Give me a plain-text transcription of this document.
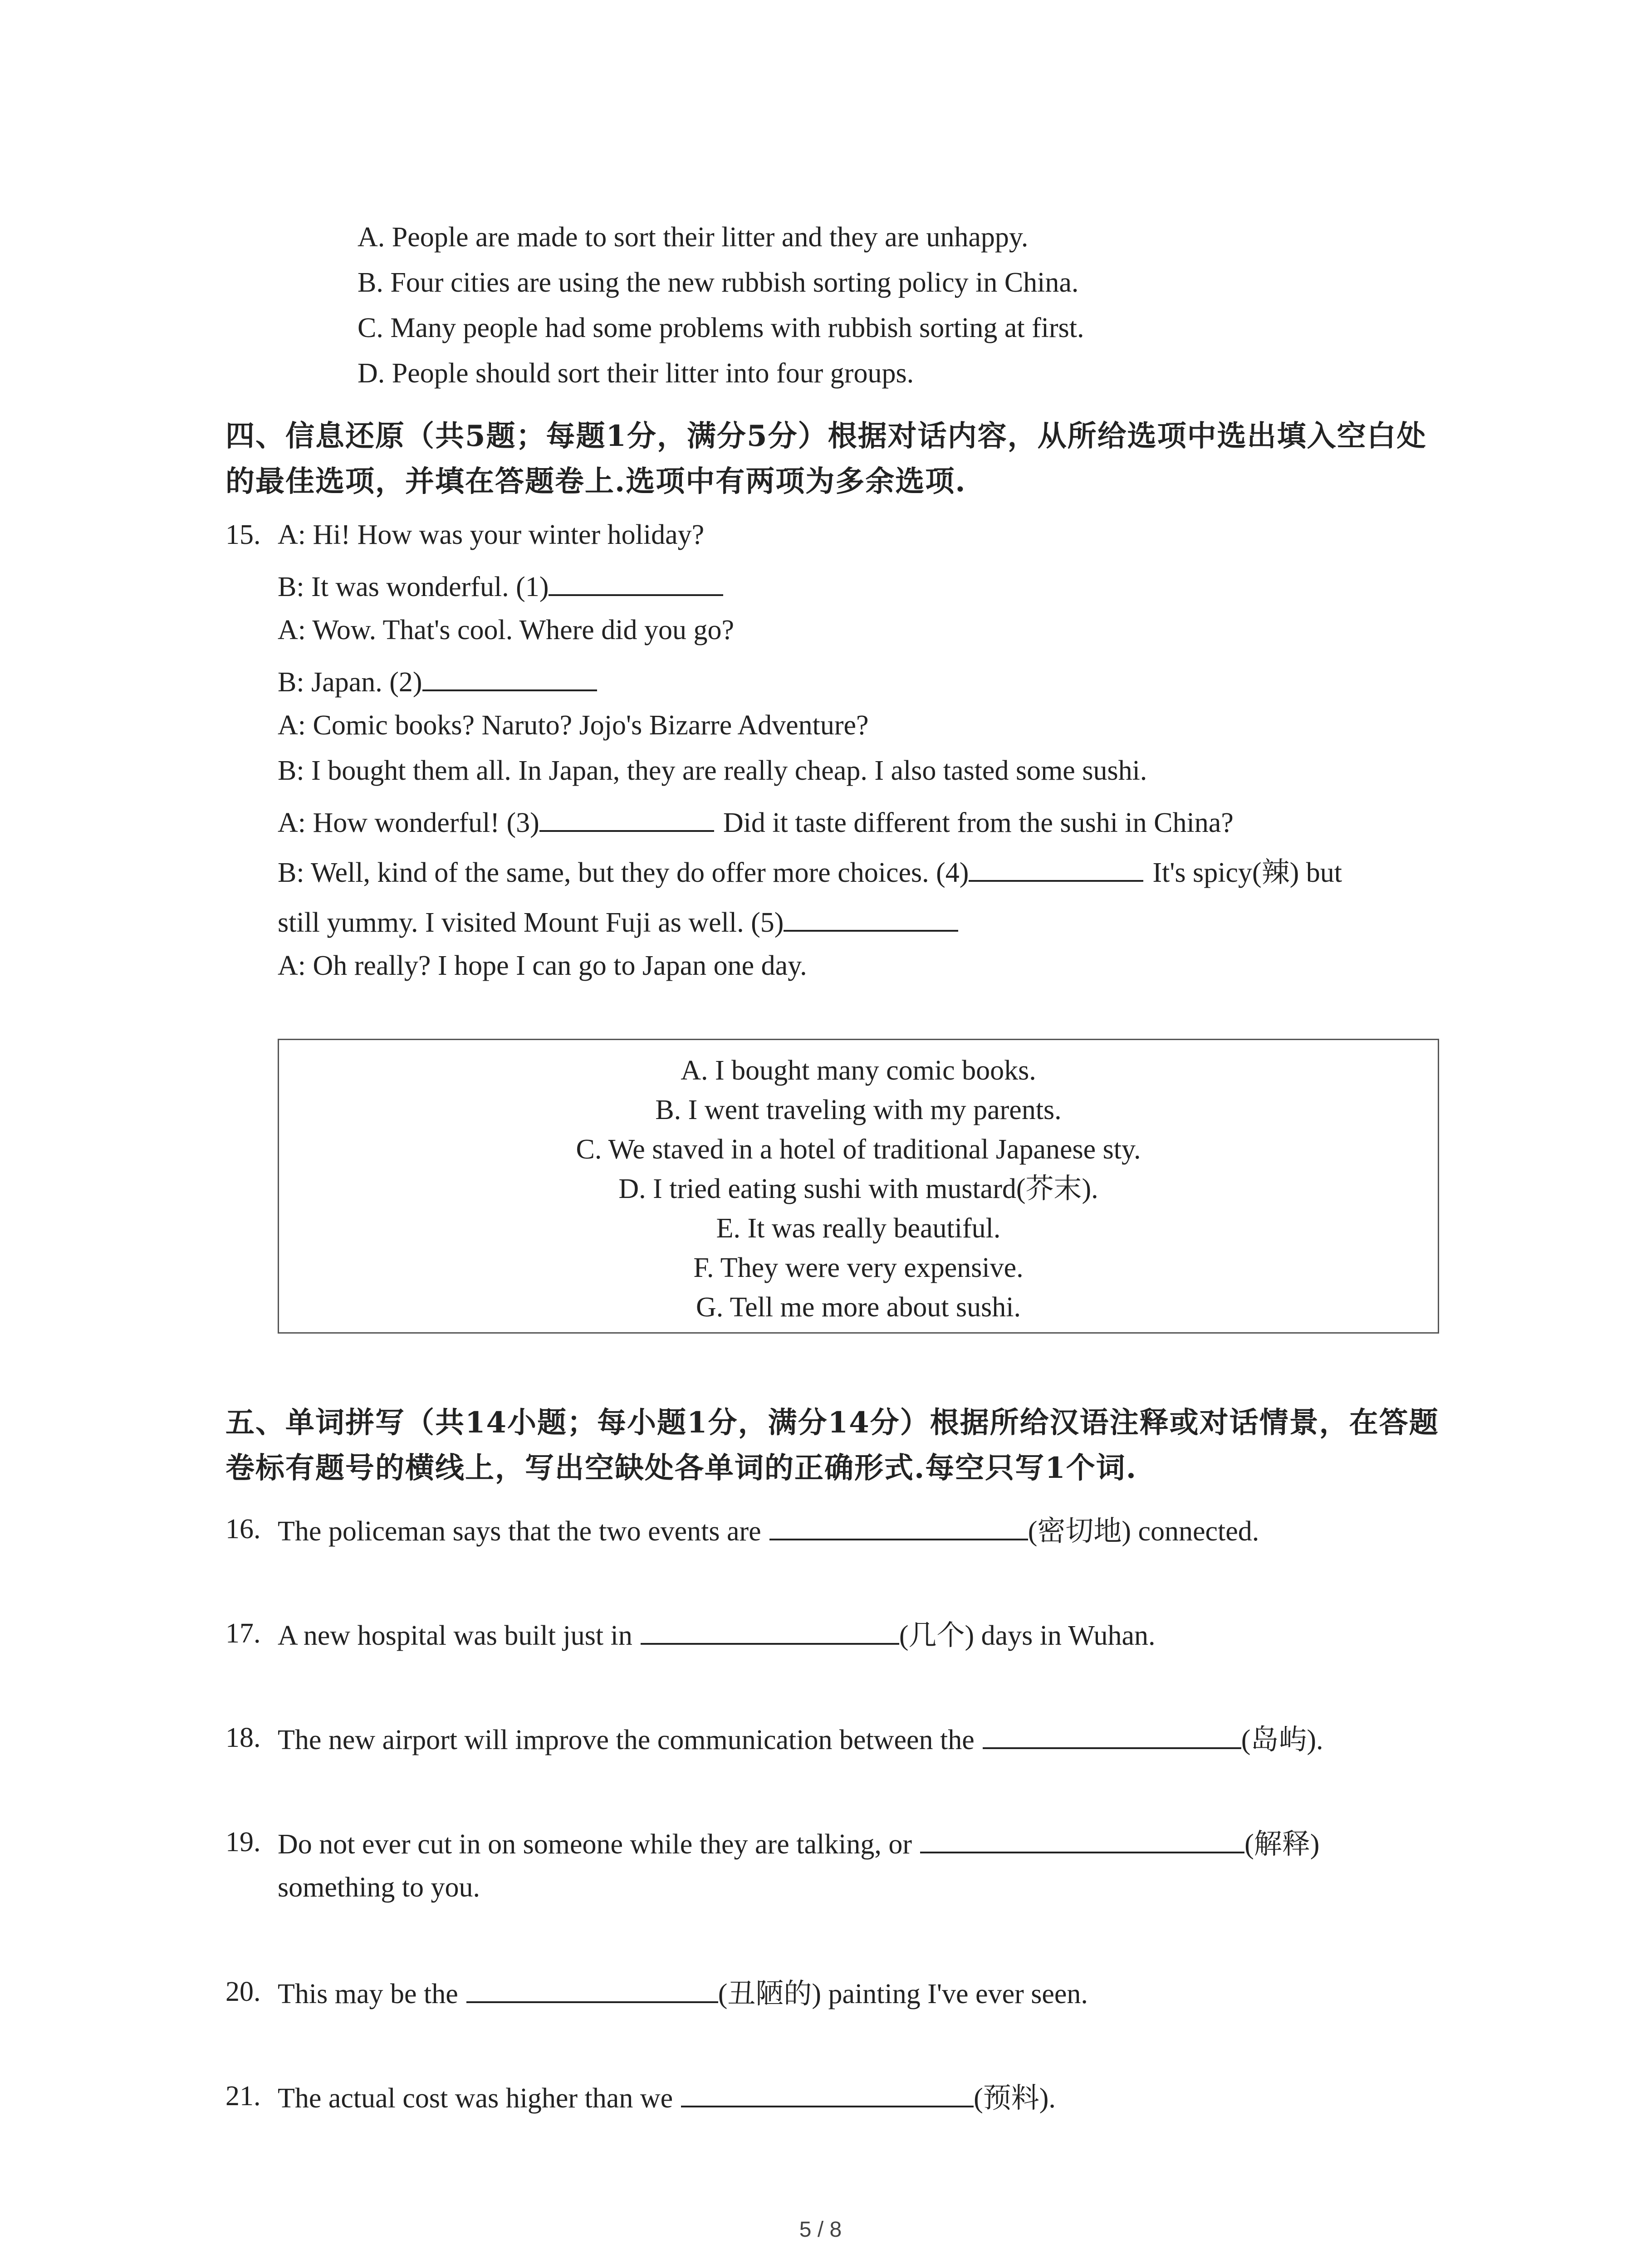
A. People are made to sort their litter and they are unhappy.
B. Four cities are using the new rubbish sorting policy in China.
C. Many people had some problems with rubbish sorting at first.
D. People should sort their litter into four groups.
四、信息还原（共5题；每题1分，满分5分）根据对话内容，从所给选项中选出填入空白处
的最佳选项，并填在答题卷上.选项中有两项为多余选项.
15. A: Hi! How was your winter holiday?
B: It was wonderful. (1)
A: Wow. That's cool. Where did you go?
B: Japan. (2)
A: Comic books? Naruto? Jojo's Bizarre Adventure?
B: I bought them all. In Japan, they are really cheap. I also tasted some sushi.
A: How wonderful! (3)	Did it taste different from the sushi in China?
B: Well, kind of the same, but they do offer more choices. (4)	It's spicy(辣) but
still yummy. I visited Mount Fuji as well. (5)
A: Oh really? I hope I can go to Japan one day.
A. I bought many comic books.
B. I went traveling with my parents.
C. We staved in a hotel of traditional Japanese sty.
D. I tried eating sushi with mustard(芥末).
E. It was really beautiful.
F. They were very expensive.
G. Tell me more about sushi.
五、单词拼写（共14小题；每小题1分，满分14分）根据所给汉语注释或对话情景，在答题
卷标有题号的横线上，写出空缺处各单词的正确形式.每空只写1个词.
16. The policeman says that the two events are	(密切地) connected.
17. A new hospital was built just in	(几个) days in Wuhan.
18. The new airport will improve the communication between the	(岛屿).
19. Do not ever cut in on someone while they are talking, or	(解释)
something to you.
20. This may be the	(丑陋的) painting I've ever seen.
21. The actual cost was higher than we	(预料).
5 / 8
